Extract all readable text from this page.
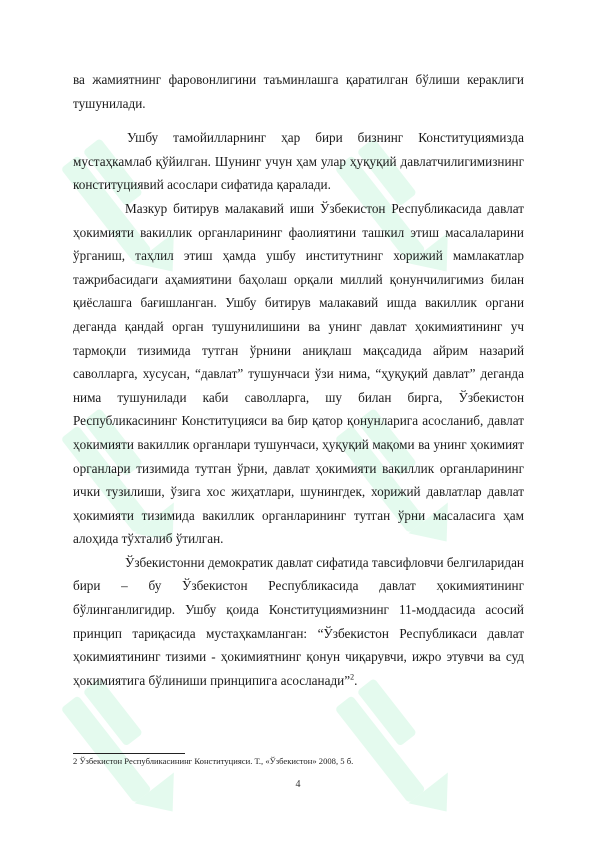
ва жамиятнинг фаровонлигини таъминлашга қаратилган бўлиши кераклиги тушунилади.

Ушбу тамойилларнинг ҳар бири бизнинг Конституциямизда мустаҳкамлаб қўйилган. Шунинг учун ҳам улар ҳуқуқий давлатчилигимизнинг конституциявий асослари сифатида қаралади.

Мазкур битирув малакавий иши Ўзбекистон Республикасида давлат ҳокимияти вакиллик органларининг фаолиятини ташкил этиш масалаларини ўрганиш, таҳлил этиш ҳамда ушбу институтнинг хорижий мамлакатлар тажрибасидаги аҳамиятини баҳолаш орқали миллий қонунчилигимиз билан қиёслашга бағишланган. Ушбу битирув малакавий ишда вакиллик органи деганда қандай орган тушунилишини ва унинг давлат ҳокимиятининг уч тармоқли тизимида тутган ўрнини аниқлаш мақсадида айрим назарий саволларга, хусусан, “давлат” тушунчаси ўзи нима, “ҳуқуқий давлат” деганда нима тушунилади каби саволларга, шу билан бирга, Ўзбекистон Республикасининг Конституцияси ва бир қатор қонунларига асосланиб, давлат ҳокимияти вакиллик органлари тушунчаси, ҳуқуқий мақоми ва унинг ҳокимият органлари тизимида тутган ўрни, давлат ҳокимияти вакиллик органларининг ички тузилиши, ўзига хос жиҳатлари, шунингдек, хорижий давлатлар давлат ҳокимияти тизимида вакиллик органларининг тутган ўрни масаласига ҳам алоҳида тўхталиб ўтилган.

Ўзбекистонни демократик давлат сифатида тавсифловчи белгиларидан бири – бу Ўзбекистон Республикасида давлат ҳокимиятининг бўлинганлигидир. Ушбу қоида Конституциямизнинг 11-моддасида асосий принцип тариқасида мустаҳкамланган: “Ўзбекистон Республикаси давлат ҳокимиятининг тизими - ҳокимиятнинг қонун чиқарувчи, ижро этувчи ва суд ҳокимиятига бўлиниши принципига асосланади”$^2$.

2 Ўзбекистон Республикасининг Конституцияси. Т., «Ўзбекистон» 2008, 5 б.
4
